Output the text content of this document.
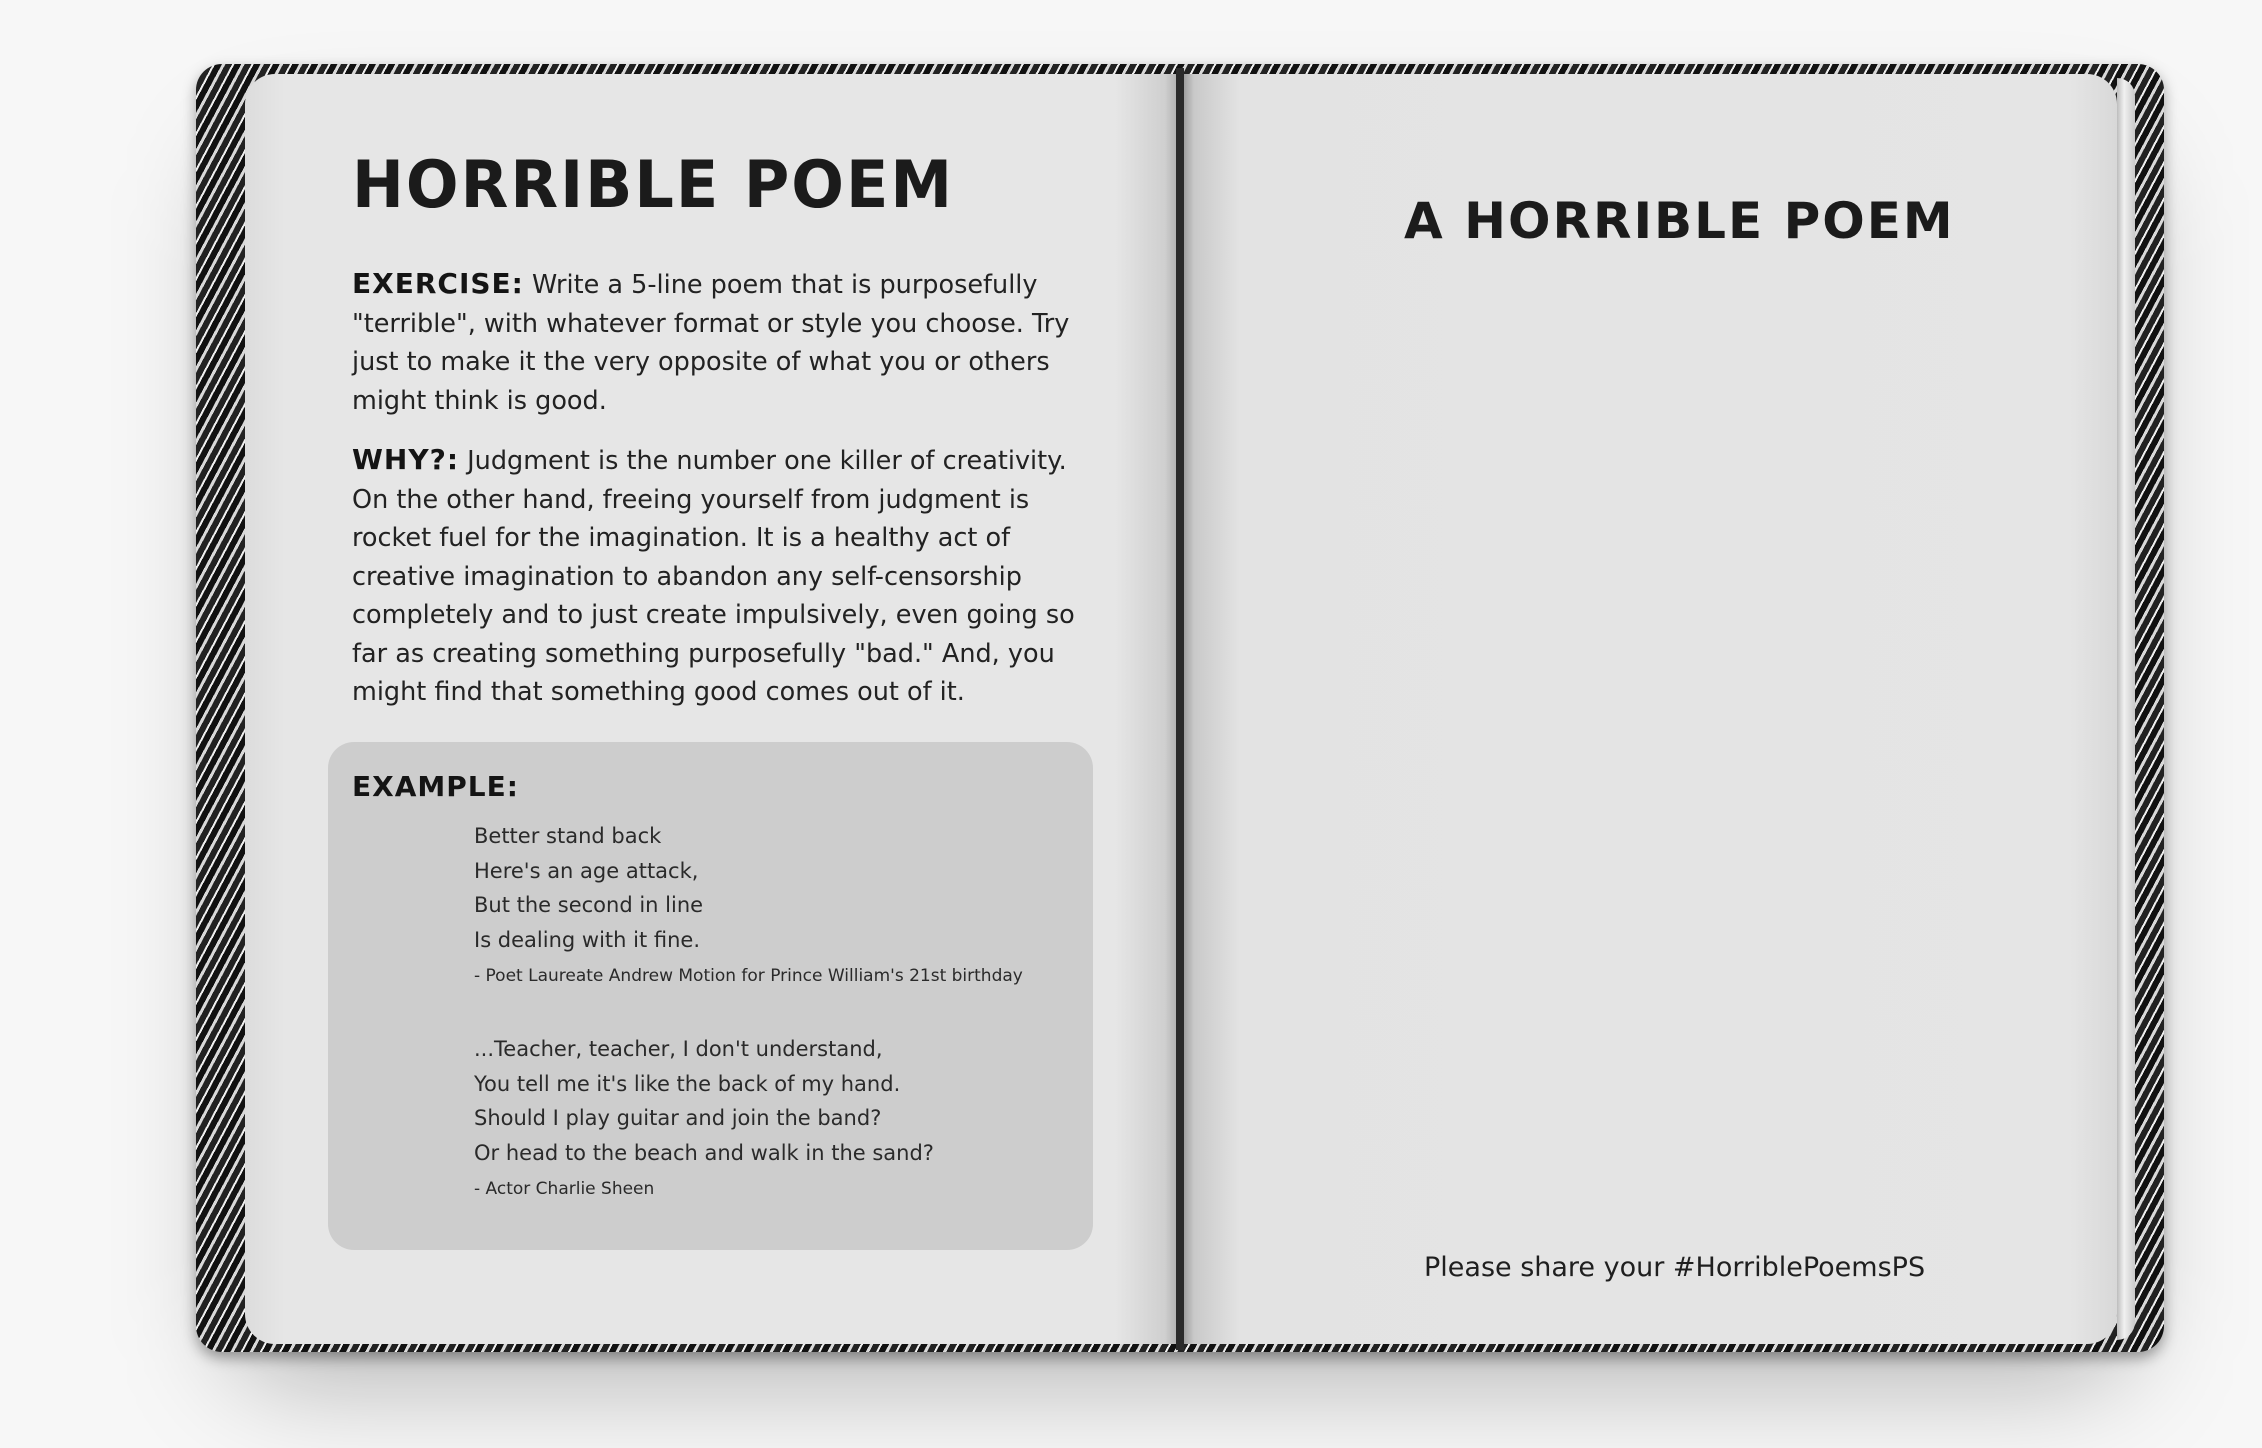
HORRIBLE POEM

EXERCISE: Write a 5-line poem that is purposefully "terrible", with whatever format or style you choose. Try just to make it the very opposite of what you or others might think is good.

WHY?: Judgment is the number one killer of creativity. On the other hand, freeing yourself from judgment is rocket fuel for the imagination. It is a healthy act of creative imagination to abandon any self-censorship completely and to just create impulsively, even going so far as creating something purposefully "bad." And, you might find that something good comes out of it.

EXAMPLE:

Better stand back
Here's an age attack,
But the second in line
Is dealing with it fine.
- Poet Laureate Andrew Motion for Prince William's 21st birthday
...Teacher, teacher, I don't understand,
You tell me it's like the back of my hand.
Should I play guitar and join the band?
Or head to the beach and walk in the sand?
- Actor Charlie Sheen
A HORRIBLE POEM

Please share your #HorriblePoemsPS
